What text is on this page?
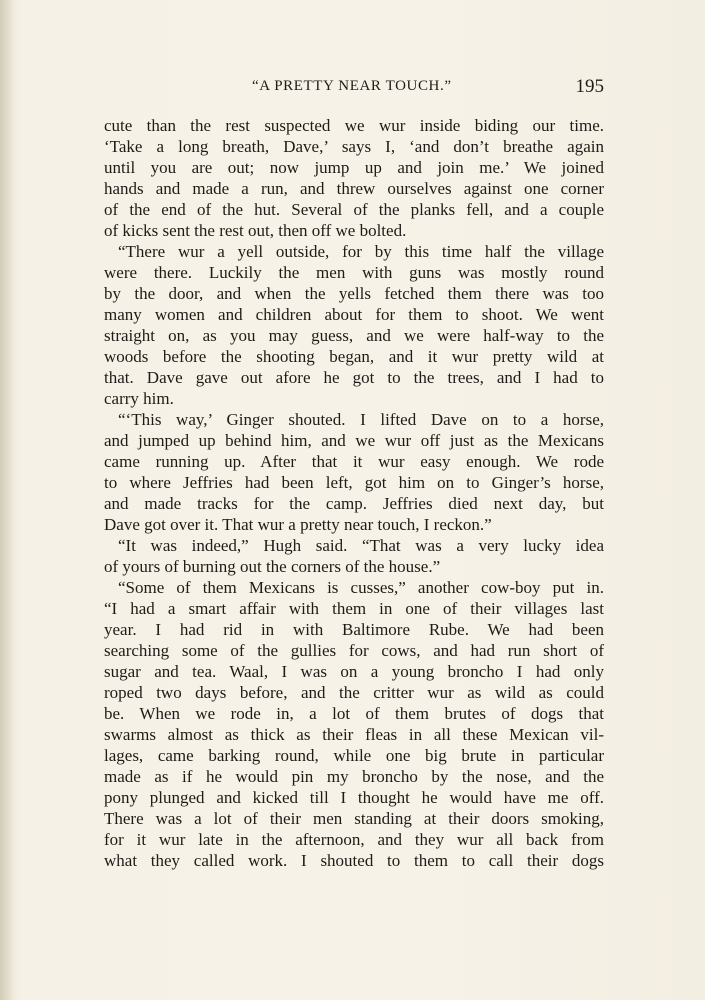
“A PRETTY NEAR TOUCH.”	195
cute than the rest suspected we wur inside biding our time.
‘Take a long breath, Dave,’ says I, ‘and don’t breathe again
until you are out; now jump up and join me.’ We joined
hands and made a run, and threw ourselves against one corner
of the end of the hut. Several of the planks fell, and a couple
of kicks sent the rest out, then off we bolted.
“There wur a yell outside, for by this time half the village
were there. Luckily the men with guns was mostly round
by the door, and when the yells fetched them there was too
many women and children about for them to shoot. We went
straight on, as you may guess, and we were half-way to the
woods before the shooting began, and it wur pretty wild at
that. Dave gave out afore he got to the trees, and I had to
carry him.
“‘This way,’ Ginger shouted. I lifted Dave on to a horse,
and jumped up behind him, and we wur off just as the Mexicans
came running up. After that it wur easy enough. We rode
to where Jeffries had been left, got him on to Ginger’s horse,
and made tracks for the camp. Jeffries died next day, but
Dave got over it. That wur a pretty near touch, I reckon.”
“It was indeed,” Hugh said. “That was a very lucky idea
of yours of burning out the corners of the house.”
“Some of them Mexicans is cusses,” another cow-boy put in.
“I had a smart affair with them in one of their villages last
year. I had rid in with Baltimore Rube. We had been
searching some of the gullies for cows, and had run short of
sugar and tea. Waal, I was on a young broncho I had only
roped two days before, and the critter wur as wild as could
be. When we rode in, a lot of them brutes of dogs that
swarms almost as thick as their fleas in all these Mexican vil-
lages, came barking round, while one big brute in particular
made as if he would pin my broncho by the nose, and the
pony plunged and kicked till I thought he would have me off.
There was a lot of their men standing at their doors smoking,
for it wur late in the afternoon, and they wur all back from
what they called work. I shouted to them to call their dogs
